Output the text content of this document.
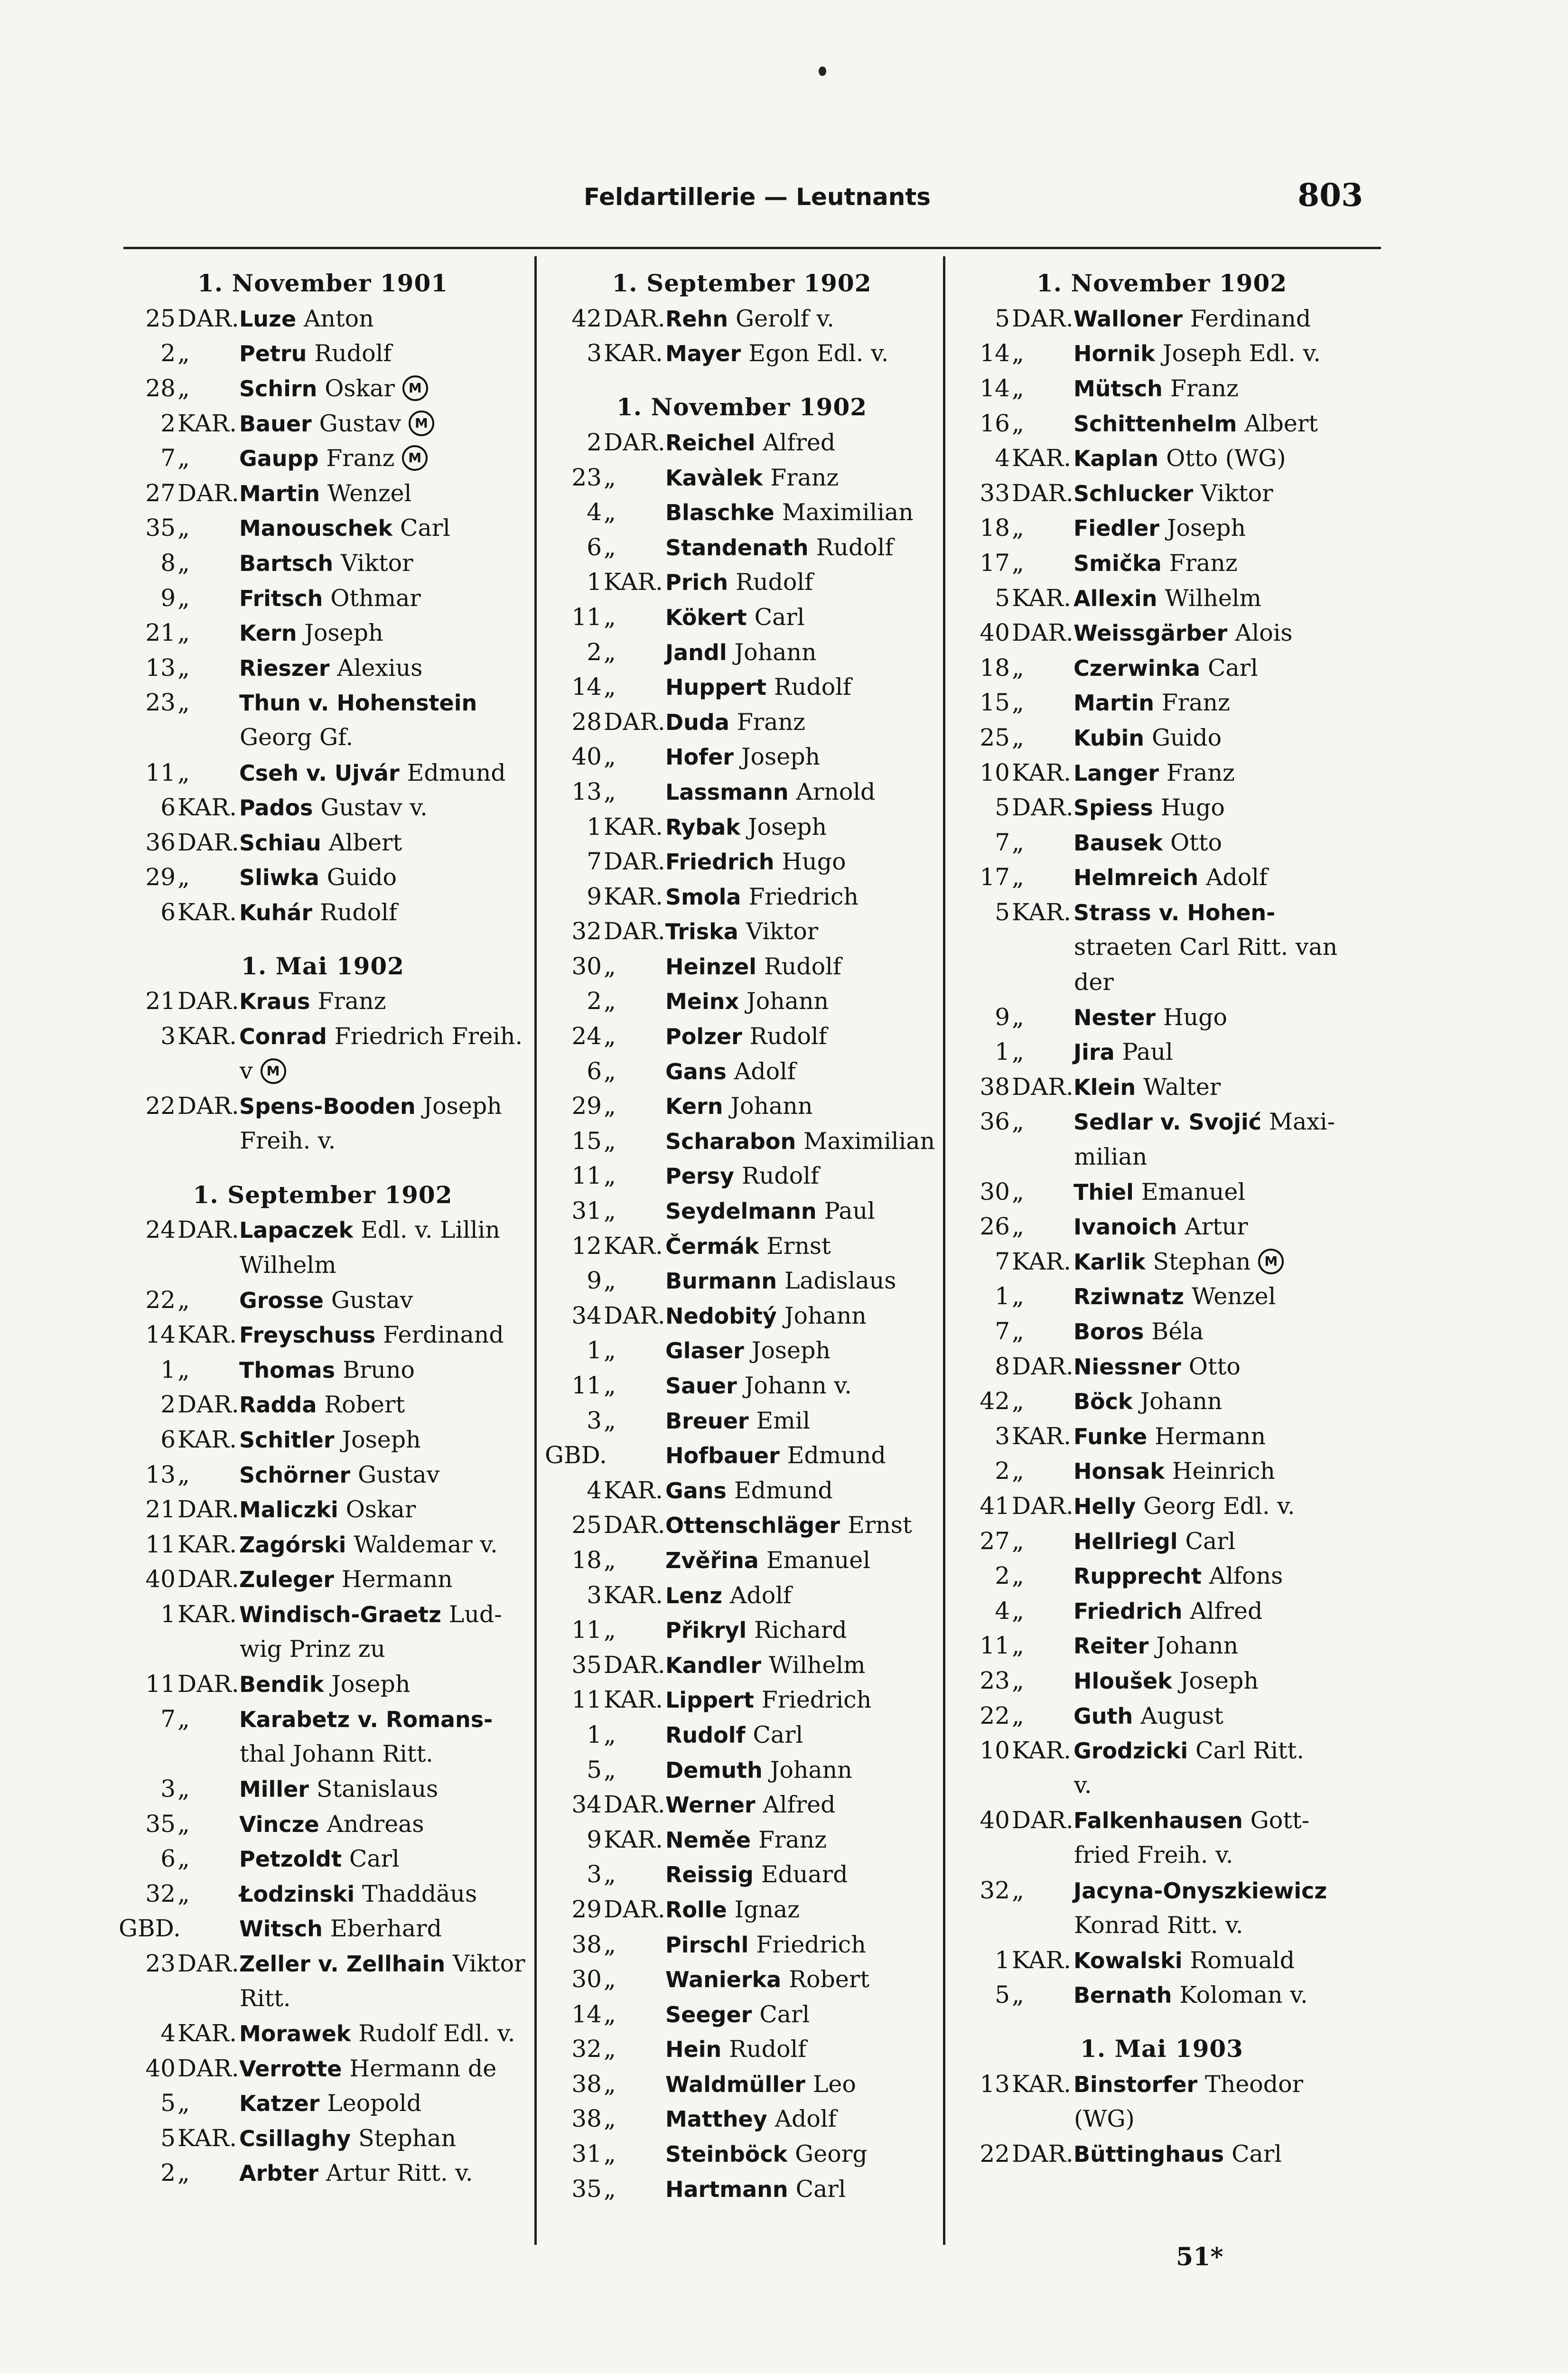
Feldartillerie — Leutnants	803
1. November 1901
25 DAR. Luze Anton
2 „	Petru Rudolf
28 „	Schirn Oskar
	M
2 KAR. Bauer Gustav
	M
7 „	Gaupp Franz
	M
27 DAR. Martin Wenzel
35 „	Manouschek Carl
8 „	Bartsch Viktor
9 „	Fritsch Othmar
21 „	Kern Joseph
13 „	Rieszer Alexius
23 „	Thun v. Hohenstein
Georg Gf.
11 „	Cseh v. Ujvár Edmund
6 KAR. Pados Gustav v.
36 DAR. Schiau Albert
29 „	Sliwka Guido
6 KAR. Kuhár Rudolf
1. Mai 1902
21 DAR. Kraus Franz
3 KAR. Conrad Friedrich Freih.
v
	M
22 DAR. Spens-Booden Joseph
Freih. v.
1. September 1902
24 DAR. Lapaczek Edl. v. Lillin
Wilhelm
22 „	Grosse Gustav
14 KAR. Freyschuss Ferdinand
1 „	Thomas Bruno
2 DAR. Radda Robert
6 KAR. Schitler Joseph
13 „	Schörner Gustav
21 DAR. Maliczki Oskar
11 KAR. Zagórski Waldemar v.
40 DAR. Zuleger Hermann
1 KAR. Windisch-Graetz Lud-
wig Prinz zu
11 DAR. Bendik Joseph
7 „	Karabetz v. Romans-
thal Johann Ritt.
3 „	Miller Stanislaus
35 „	Vincze Andreas
6 „	Petzoldt Carl
32 „	Łodzinski Thaddäus
GBD.	Witsch Eberhard
23 DAR. Zeller v. Zellhain Viktor
Ritt.
4 KAR. Morawek Rudolf Edl. v.
40 DAR. Verrotte Hermann de
5 „	Katzer Leopold
5 KAR. Csillaghy Stephan
2 „	Arbter Artur Ritt. v.
1. September 1902
42 DAR. Rehn Gerolf v.
3 KAR. Mayer Egon Edl. v.
1. November 1902
2 DAR. Reichel Alfred
23 „	Kavàlek Franz
4 „	Blaschke Maximilian
6 „	Standenath Rudolf
1 KAR. Prich Rudolf
11 „	Kökert Carl
2 „	Jandl Johann
14 „	Huppert Rudolf
28 DAR. Duda Franz
40 „	Hofer Joseph
13 „	Lassmann Arnold
1 KAR. Rybak Joseph
7 DAR. Friedrich Hugo
9 KAR. Smola Friedrich
32 DAR. Triska Viktor
30 „	Heinzel Rudolf
2 „	Meinx Johann
24 „	Polzer Rudolf
6 „	Gans Adolf
29 „	Kern Johann
15 „	Scharabon Maximilian
11 „	Persy Rudolf
31 „	Seydelmann Paul
12 KAR. Čermák Ernst
9 „	Burmann Ladislaus
34 DAR. Nedobitý Johann
1 „	Glaser Joseph
11 „	Sauer Johann v.
3 „	Breuer Emil
GBD.	Hofbauer Edmund
4 KAR. Gans Edmund
25 DAR. Ottenschläger Ernst
18 „	Zvěřina Emanuel
3 KAR. Lenz Adolf
11 „	Přikryl Richard
35 DAR. Kandler Wilhelm
11 KAR. Lippert Friedrich
1 „	Rudolf Carl
5 „	Demuth Johann
34 DAR. Werner Alfred
9 KAR. Neměe Franz
3 „	Reissig Eduard
29 DAR. Rolle Ignaz
38 „	Pirschl Friedrich
30 „	Wanierka Robert
14 „	Seeger Carl
32 „	Hein Rudolf
38 „	Waldmüller Leo
38 „	Matthey Adolf
31 „	Steinböck Georg
35 „	Hartmann Carl
1. November 1902
5 DAR. Walloner Ferdinand
14 „	Hornik Joseph Edl. v.
14 „	Mütsch Franz
16 „	Schittenhelm Albert
4 KAR. Kaplan Otto (WG)
33 DAR. Schlucker Viktor
18 „	Fiedler Joseph
17 „	Smička Franz
5 KAR. Allexin Wilhelm
40 DAR. Weissgärber Alois
18 „	Czerwinka Carl
15 „	Martin Franz
25 „	Kubin Guido
10 KAR. Langer Franz
5 DAR. Spiess Hugo
7 „	Bausek Otto
17 „	Helmreich Adolf
5 KAR. Strass v. Hohen-
straeten Carl Ritt. van
der
9 „	Nester Hugo
1 „	Jira Paul
38 DAR. Klein Walter
36 „	Sedlar v. Svojić Maxi-
milian
30 „	Thiel Emanuel
26 „	Ivanoich Artur
7 KAR. Karlik Stephan
	M
1 „	Rziwnatz Wenzel
7 „	Boros Béla
8 DAR. Niessner Otto
42 „	Böck Johann
3 KAR. Funke Hermann
2 „	Honsak Heinrich
41 DAR. Helly Georg Edl. v.
27 „	Hellriegl Carl
2 „	Rupprecht Alfons
4 „	Friedrich Alfred
11 „	Reiter Johann
23 „	Hloušek Joseph
22 „	Guth August
10 KAR. Grodzicki Carl Ritt.
v.
40 DAR. Falkenhausen Gott-
fried Freih. v.
32 „	Jacyna-Onyszkiewicz
Konrad Ritt. v.
1 KAR. Kowalski Romuald
5 „	Bernath Koloman v.
1. Mai 1903
13 KAR. Binstorfer Theodor
(WG)
22 DAR. Büttinghaus Carl
51*
